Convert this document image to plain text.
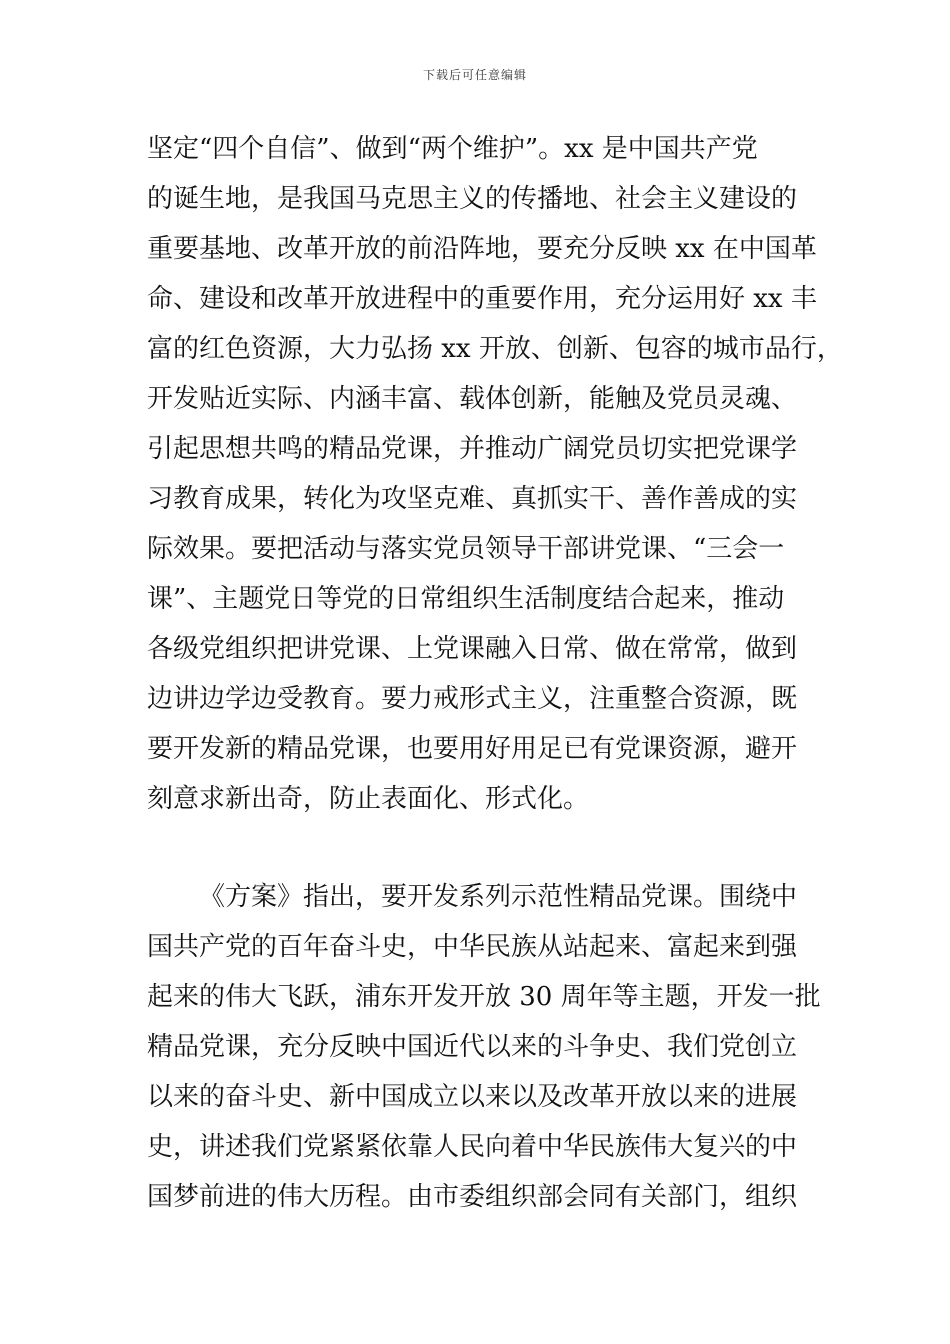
下载后可任意编辑
坚定“四个自信”、做到“两个维护”。xx 是中国共产党
的诞生地，是我国马克思主义的传播地、社会主义建设的
重要基地、改革开放的前沿阵地，要充分反映 xx 在中国革
命、建设和改革开放进程中的重要作用，充分运用好 xx 丰
富的红色资源，大力弘扬 xx 开放、创新、包容的城市品行，
开发贴近实际、内涵丰富、载体创新，能触及党员灵魂、
引起思想共鸣的精品党课，并推动广阔党员切实把党课学
习教育成果，转化为攻坚克难、真抓实干、善作善成的实
际效果。要把活动与落实党员领导干部讲党课、“三会一
课”、主题党日等党的日常组织生活制度结合起来，推动
各级党组织把讲党课、上党课融入日常、做在常常，做到
边讲边学边受教育。要力戒形式主义，注重整合资源，既
要开发新的精品党课，也要用好用足已有党课资源，避开
刻意求新出奇，防止表面化、形式化。
《方案》指出，要开发系列示范性精品党课。围绕中
国共产党的百年奋斗史，中华民族从站起来、富起来到强
起来的伟大飞跃，浦东开发开放 30 周年等主题，开发一批
精品党课，充分反映中国近代以来的斗争史、我们党创立
以来的奋斗史、新中国成立以来以及改革开放以来的进展
史，讲述我们党紧紧依靠人民向着中华民族伟大复兴的中
国梦前进的伟大历程。由市委组织部会同有关部门，组织
